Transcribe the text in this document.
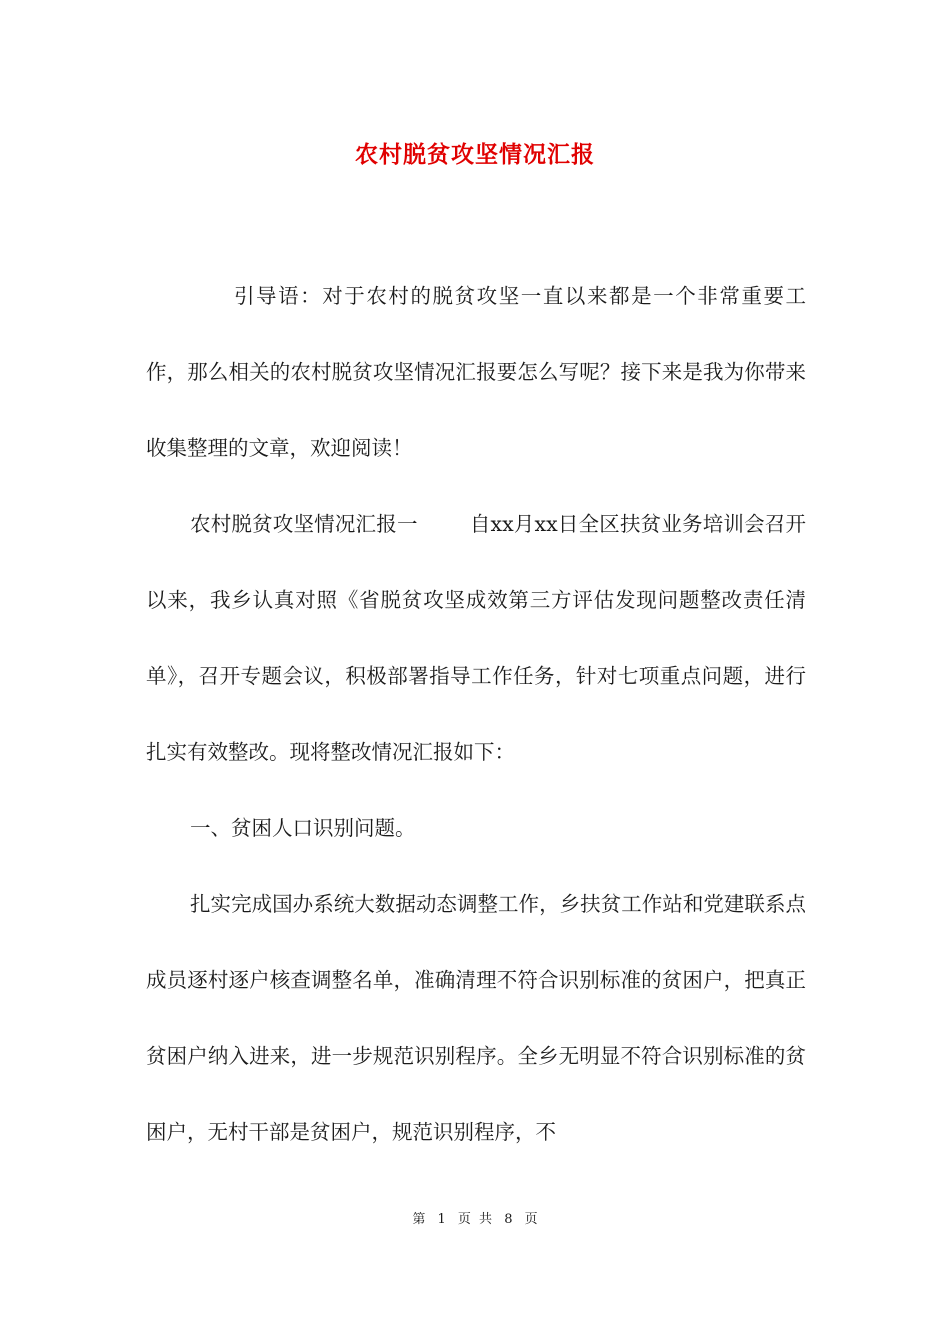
农村脱贫攻坚情况汇报

引导语：对于农村的脱贫攻坚一直以来都是一个非常重要工作，那么相关的农村脱贫攻坚情况汇报要怎么写呢？接下来是我为你带来收集整理的文章，欢迎阅读！

农村脱贫攻坚情况汇报一	自xx月xx日全区扶贫业务培训会召开以来，我乡认真对照《省脱贫攻坚成效第三方评估发现问题整改责任清单》，召开专题会议，积极部署指导工作任务，针对七项重点问题，进行扎实有效整改。现将整改情况汇报如下：

一、贫困人口识别问题。

扎实完成国办系统大数据动态调整工作，乡扶贫工作站和党建联系点成员逐村逐户核查调整名单，准确清理不符合识别标准的贫困户，把真正贫困户纳入进来，进一步规范识别程序。全乡无明显不符合识别标准的贫困户，无村干部是贫困户，规范识别程序，不

第 1 页 共 8 页
